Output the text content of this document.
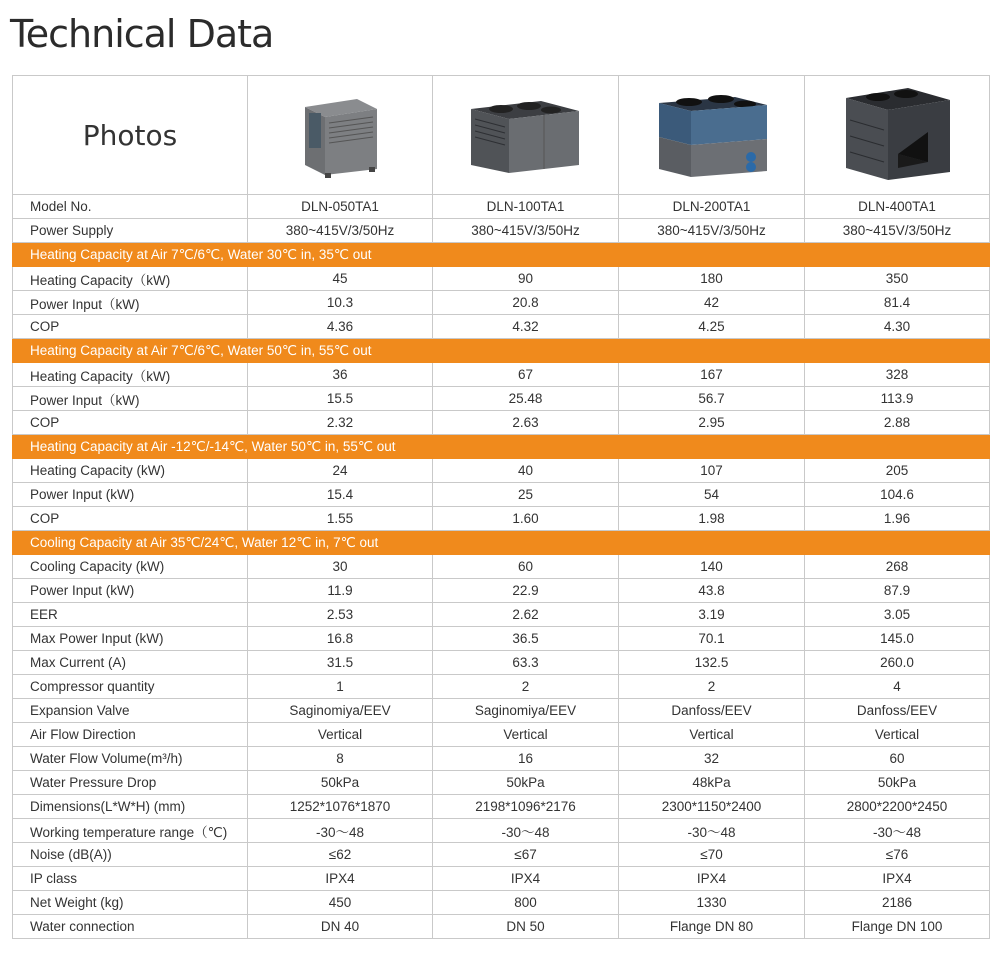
Technical Data
Photos	

Model No.	DLN-050TA1	DLN-100TA1	DLN-200TA1	DLN-400TA1
Power Supply	380~415V/3/50Hz	380~415V/3/50Hz	380~415V/3/50Hz	380~415V/3/50Hz
Heating Capacity at Air 7℃/6℃, Water 30℃ in, 35℃ out				
Heating Capacity（kW)	45	90	180	350
Power Input（kW)	10.3	20.8	42	81.4
COP	4.36	4.32	4.25	4.30
Heating Capacity at Air 7℃/6℃, Water 50℃ in, 55℃ out				
Heating Capacity（kW)	36	67	167	328
Power Input（kW)	15.5	25.48	56.7	113.9
COP	2.32	2.63	2.95	2.88
Heating Capacity at Air -12℃/-14℃, Water 50℃ in, 55℃ out				
Heating Capacity (kW)	24	40	107	205
Power Input (kW)	15.4	25	54	104.6
COP	1.55	1.60	1.98	1.96
Cooling Capacity at Air 35℃/24℃, Water 12℃ in, 7℃ out				
Cooling Capacity (kW)	30	60	140	268
Power Input (kW)	11.9	22.9	43.8	87.9
EER	2.53	2.62	3.19	3.05
Max Power Input (kW)	16.8	36.5	70.1	145.0
Max Current (A)	31.5	63.3	132.5	260.0
Compressor quantity	1	2	2	4
Expansion Valve	Saginomiya/EEV	Saginomiya/EEV	Danfoss/EEV	Danfoss/EEV
Air Flow Direction	Vertical	Vertical	Vertical	Vertical
Water Flow Volume(m³/h)	8	16	32	60
Water Pressure Drop	50kPa	50kPa	48kPa	50kPa
Dimensions(L*W*H) (mm)	1252*1076*1870	2198*1096*2176	2300*1150*2400	2800*2200*2450
Working temperature range（℃)	-30～48	-30～48	-30～48	-30～48
Noise (dB(A))	≤62	≤67	≤70	≤76
IP class	IPX4	IPX4	IPX4	IPX4
Net Weight (kg)	450	800	1330	2186
Water connection	DN 40	DN 50	Flange DN 80	Flange DN 100
